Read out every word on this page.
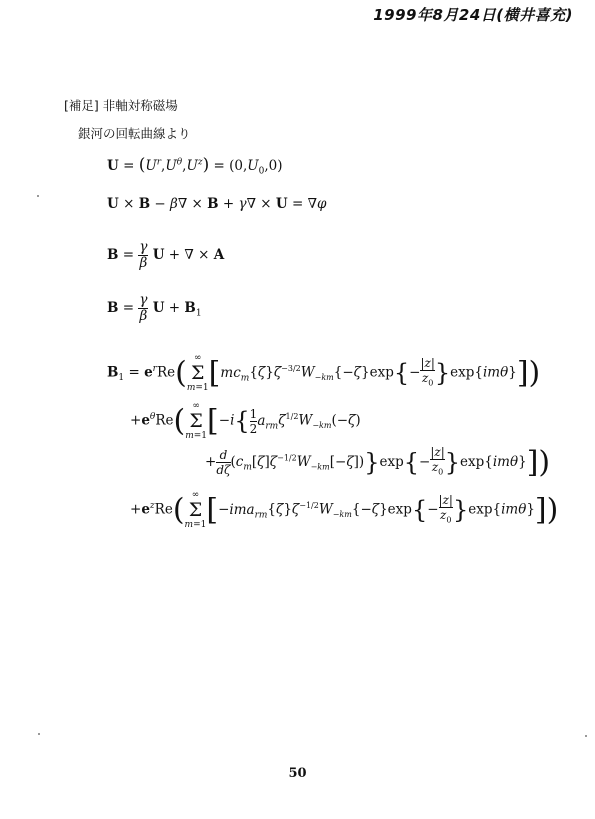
1999年8月24日(横井喜充)
[補足] 非軸対称磁場
銀河の回転曲線より
$U = (U^r,U^\theta,U^z) = (0,U_0,0)$
U × B − β∇ × B + γ∇ × U = ∇φ
$B = \frac{\gamma}{\beta}$ U + ∇ × A
$B = \frac{\gamma}{\beta}$ $U + B_1$
$B_1 = e^rRe$( ∞
Σ
$m=1[mc_m\{\zeta\}\zeta^{-3/2}W_{-km}\{-\zeta\}\exp\{-$
|z|
$z_0\}\exp\{im\theta\}$])
$+e^\theta Re$( ∞
Σ
m=1[−i{ 1
$2a_{rm}\zeta^{1/2}W_{-km}(-\zeta)$
+ $\frac{d}{d\zeta}(c_m[\zeta]\zeta^{-1/2}W_{-km}[-\zeta])\}\exp\{-$
|z|
$z_0\}\exp\{im\theta\}$])
$+e^zRe$( ∞
Σ
$m=1[-ima_{rm}\{\zeta\}\zeta^{-1/2}W_{-km}\{-\zeta\}\exp\{-$
|z|
$z_0\}\exp\{im\theta\}$])
50
